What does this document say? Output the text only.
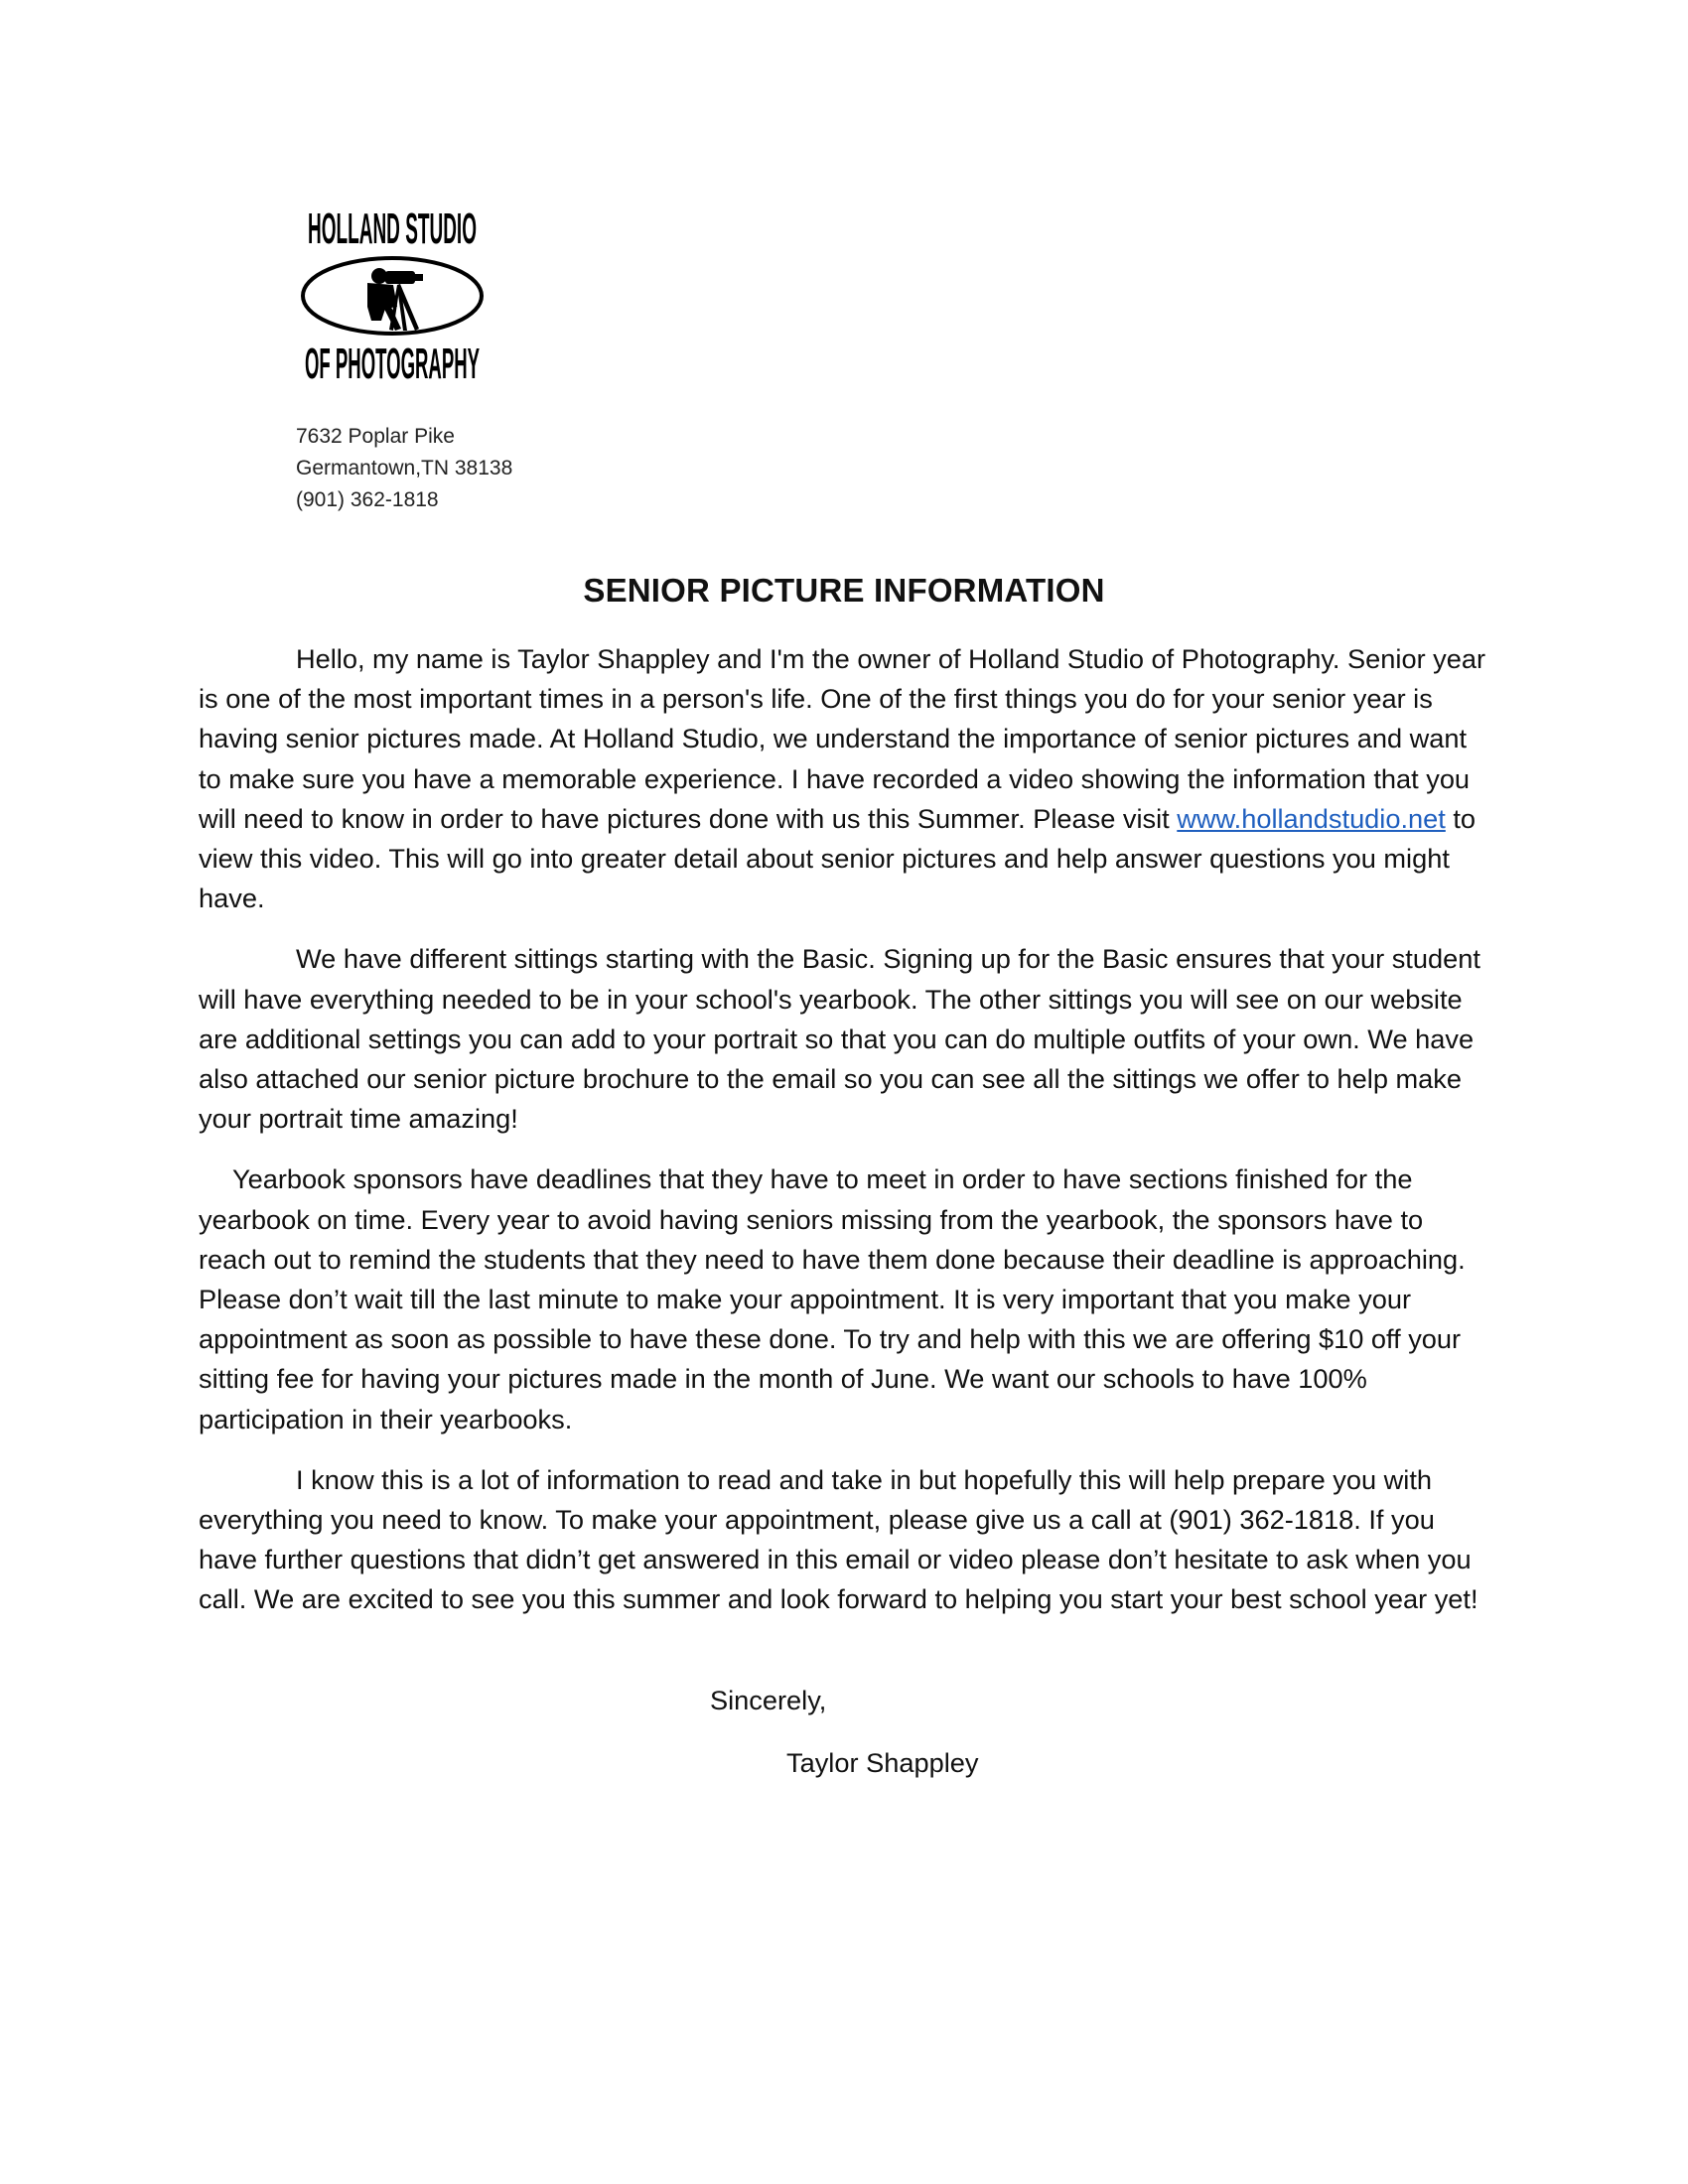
HOLLAND STUDIO
OF PHOTOGRAPHY
7632 Poplar Pike
Germantown,TN 38138
(901) 362-1818
SENIOR PICTURE INFORMATION

Hello, my name is Taylor Shappley and I'm the owner of Holland Studio of Photography. Senior year is one of the most important times in a person's life. One of the first things you do for your senior year is having senior pictures made. At Holland Studio, we understand the importance of senior pictures and want to make sure you have a memorable experience. I have recorded a video showing the information that you will need to know in order to have pictures done with us this Summer. Please visit www.hollandstudio.net to view this video. This will go into greater detail about senior pictures and help answer questions you might have.

We have different sittings starting with the Basic. Signing up for the Basic ensures that your student will have everything needed to be in your school's yearbook. The other sittings you will see on our website are additional settings you can add to your portrait so that you can do multiple outfits of your own. We have also attached our senior picture brochure to the email so you can see all the sittings we offer to help make your portrait time amazing!

Yearbook sponsors have deadlines that they have to meet in order to have sections finished for the yearbook on time. Every year to avoid having seniors missing from the yearbook, the sponsors have to reach out to remind the students that they need to have them done because their deadline is approaching. Please don’t wait till the last minute to make your appointment. It is very important that you make your appointment as soon as possible to have these done. To try and help with this we are offering $10 off your sitting fee for having your pictures made in the month of June. We want our schools to have 100% participation in their yearbooks.

I know this is a lot of information to read and take in but hopefully this will help prepare you with everything you need to know. To make your appointment, please give us a call at (901) 362-1818. If you have further questions that didn’t get answered in this email or video please don’t hesitate to ask when you call. We are excited to see you this summer and look forward to helping you start your best school year yet!

Sincerely,
Taylor Shappley
